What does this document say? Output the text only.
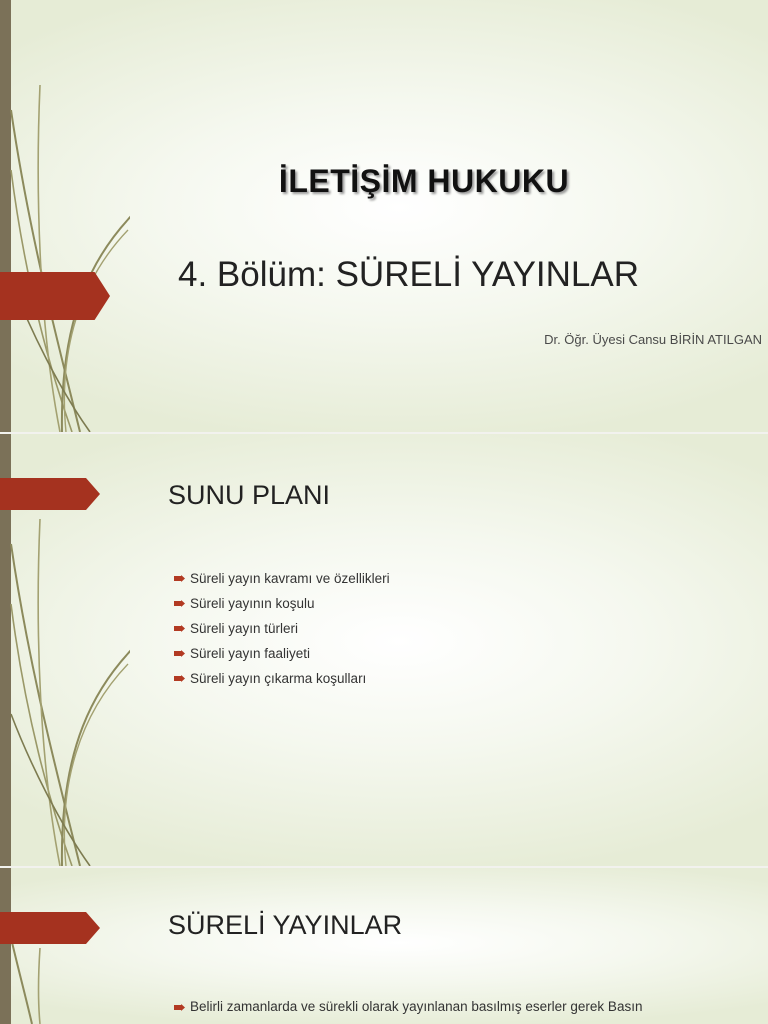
İLETİŞİM HUKUKU
4. Bölüm: SÜRELİ YAYINLAR
Dr. Öğr. Üyesi Cansu BİRİN ATILGAN
SUNU PLANI
Süreli yayın kavramı ve özellikleri
Süreli yayının koşulu
Süreli yayın türleri
Süreli yayın faaliyeti
Süreli yayın çıkarma koşulları
SÜRELİ YAYINLAR
Belirli zamanlarda ve sürekli olarak yayınlanan basılmış eserler gerek Basın
